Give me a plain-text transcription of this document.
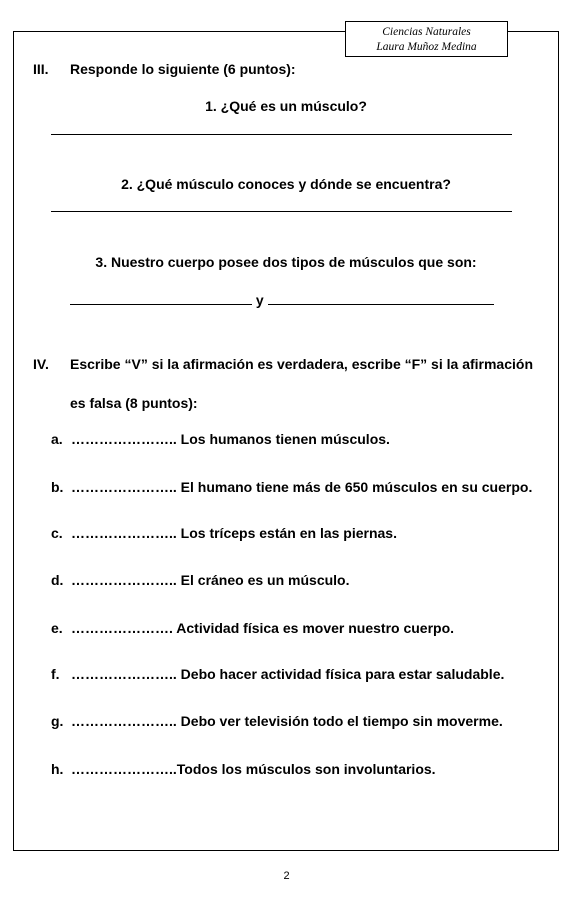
Ciencias Naturales
Laura Muñoz Medina
III. Responde lo siguiente (6 puntos):
1. ¿Qué es un músculo?
2. ¿Qué músculo conoces y dónde se encuentra?
3. Nuestro cuerpo posee dos tipos de músculos que son:
y
IV. Escribe “V” si la afirmación es verdadera, escribe “F” si la afirmación
es falsa (8 puntos):
a. ………………….. Los humanos tienen músculos.
b. ………………….. El humano tiene más de 650 músculos en su cuerpo.
c. ………………….. Los tríceps están en las piernas.
d. ………………….. El cráneo es un músculo.
e. …………………. Actividad física es mover nuestro cuerpo.
f. ………………….. Debo hacer actividad física para estar saludable.
g. ………………….. Debo ver televisión todo el tiempo sin moverme.
h. …………………..Todos los músculos son involuntarios.
2
